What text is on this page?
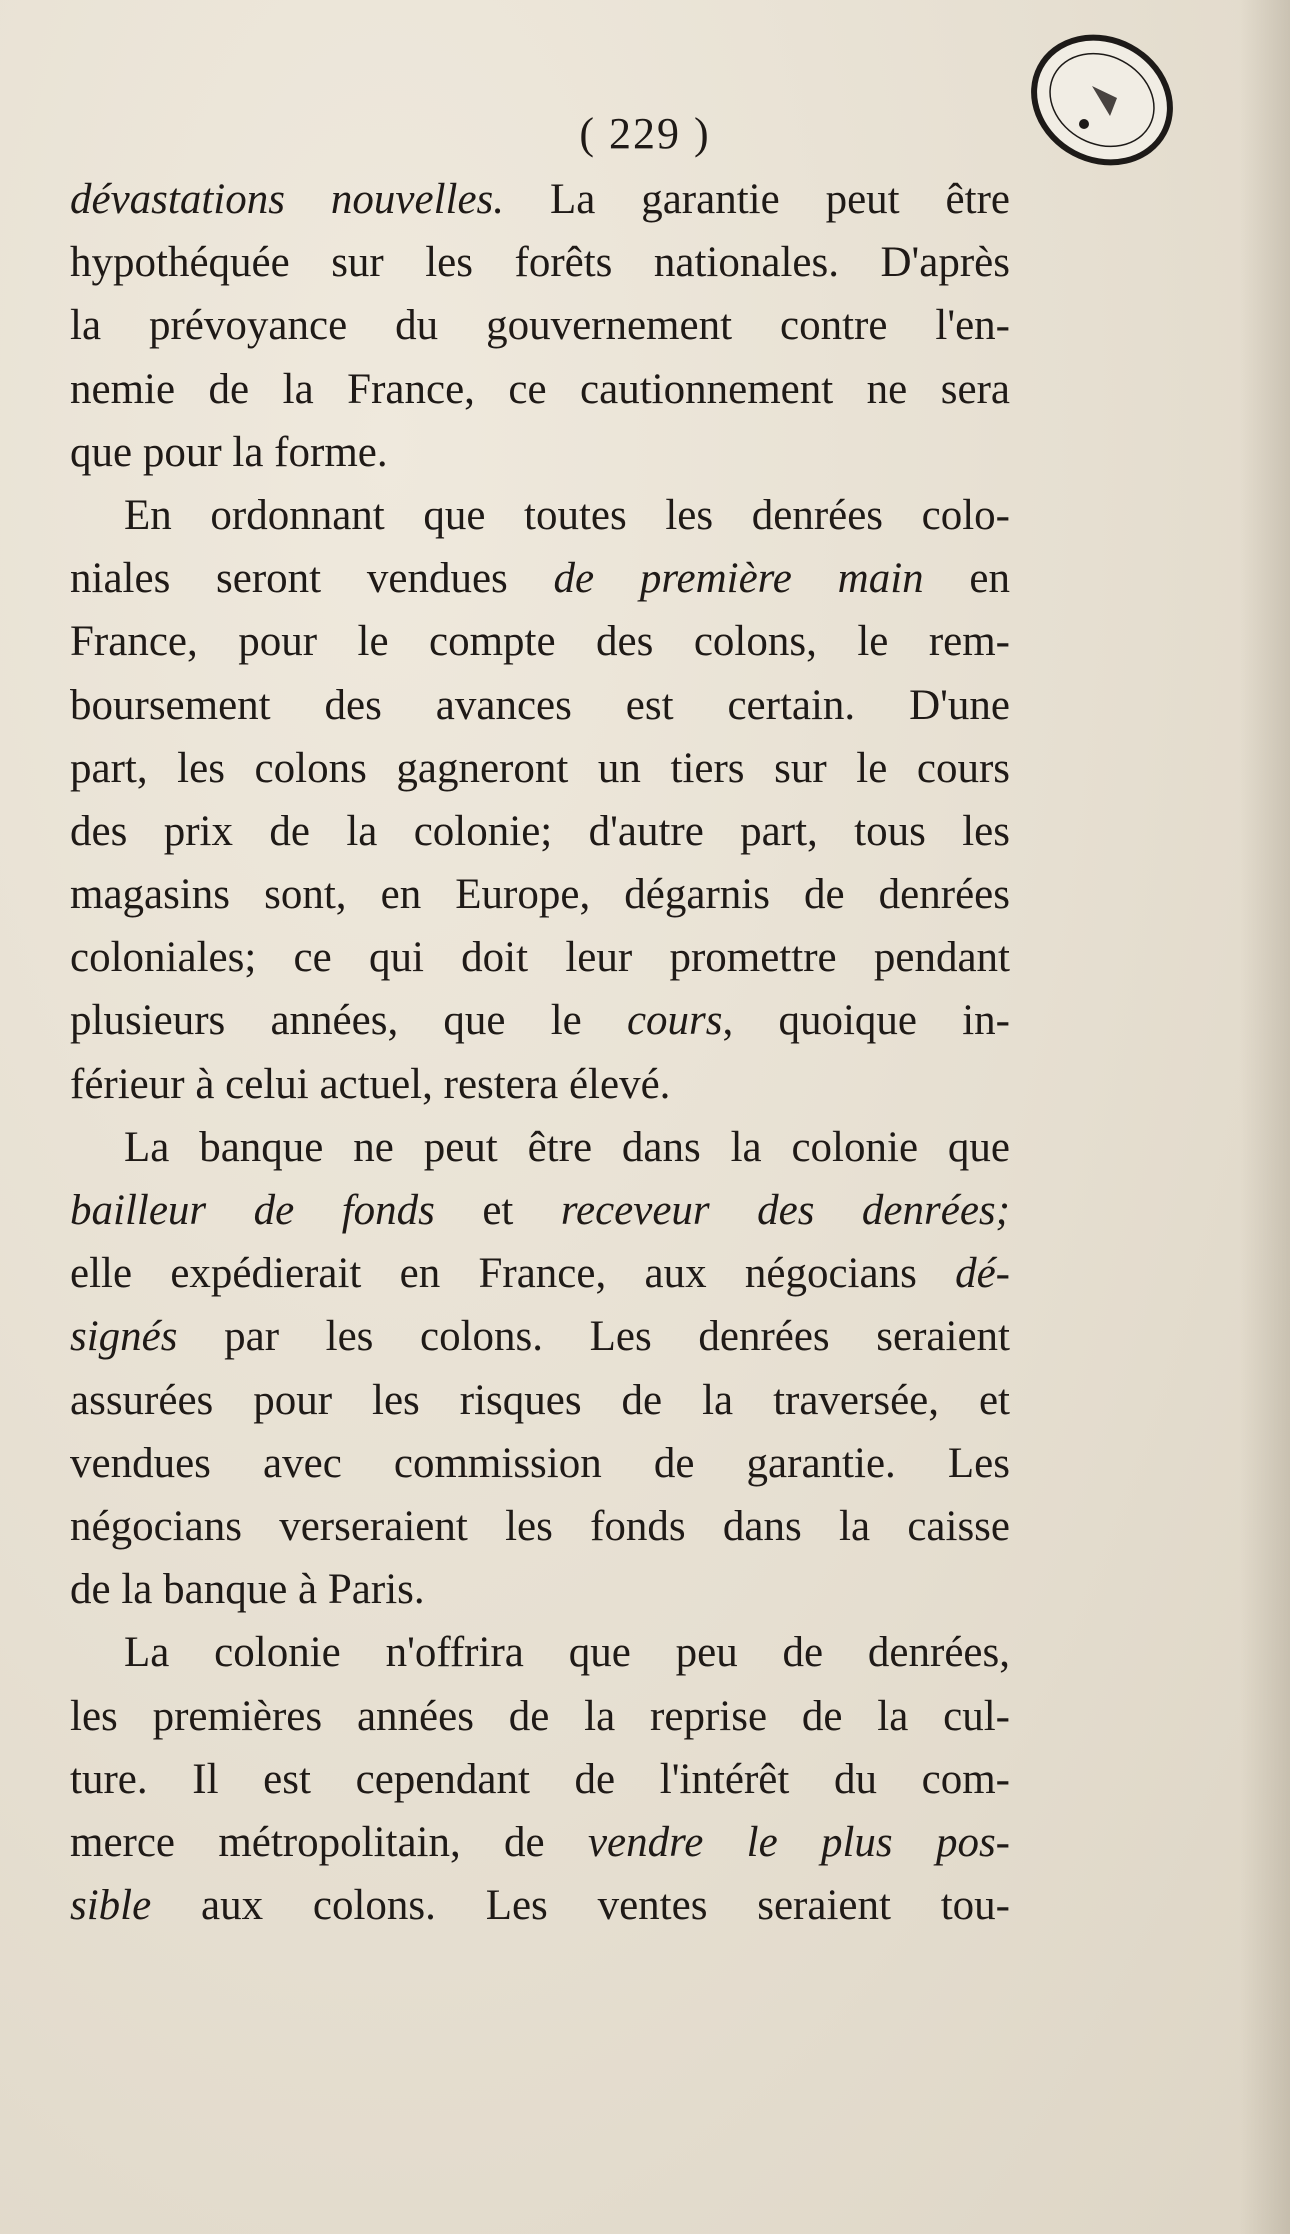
( 229 )
dévastations nouvelles. La garantie peut être
hypothéquée sur les forêts nationales. D'après
la prévoyance du gouvernement contre l'en-
nemie de la France, ce cautionnement ne sera
que pour la forme.
En ordonnant que toutes les denrées colo-
niales seront vendues de première main en
France, pour le compte des colons, le rem-
boursement des avances est certain. D'une
part, les colons gagneront un tiers sur le cours
des prix de la colonie; d'autre part, tous les
magasins sont, en Europe, dégarnis de denrées
coloniales; ce qui doit leur promettre pendant
plusieurs années, que le cours, quoique in-
férieur à celui actuel, restera élevé.
La banque ne peut être dans la colonie que
bailleur de fonds et receveur des denrées;
elle expédierait en France, aux négocians dé-
signés par les colons. Les denrées seraient
assurées pour les risques de la traversée, et
vendues avec commission de garantie. Les
négocians verseraient les fonds dans la caisse
de la banque à Paris.
La colonie n'offrira que peu de denrées,
les premières années de la reprise de la cul-
ture. Il est cependant de l'intérêt du com-
merce métropolitain, de vendre le plus pos-
sible aux colons. Les ventes seraient tou-
